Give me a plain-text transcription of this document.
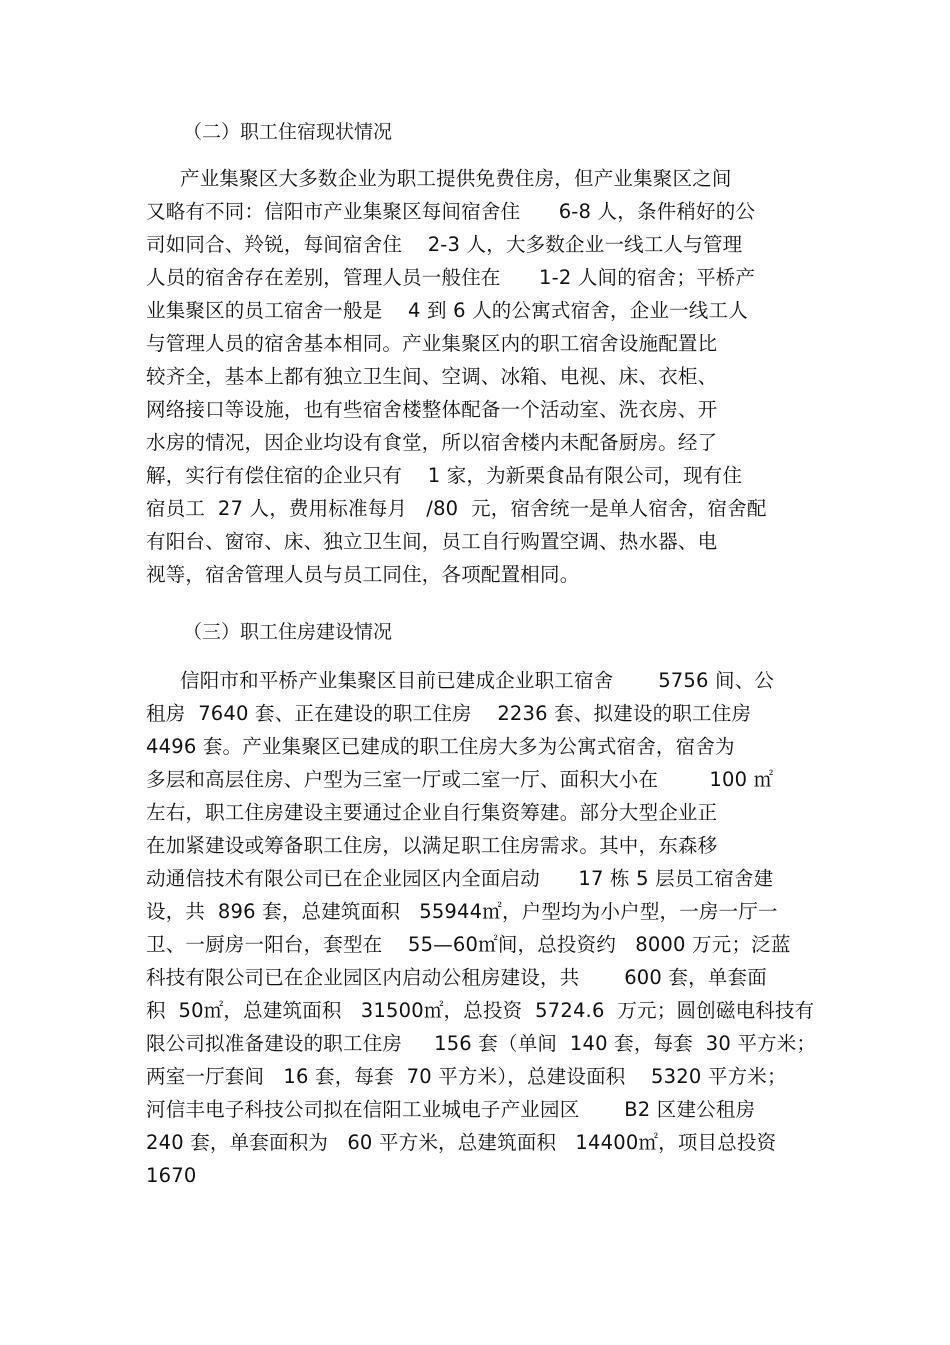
（二）职工住宿现状情况
产业集聚区大多数企业为职工提供免费住房，但产业集聚区之间
又略有不同：信阳市产业集聚区每间宿舍住      6-8 人，条件稍好的公
司如同合、羚锐，每间宿舍住    2-3 人，大多数企业一线工人与管理
人员的宿舍存在差别，管理人员一般住在      1-2 人间的宿舍；平桥产
业集聚区的员工宿舍一般是    4 到 6 人的公寓式宿舍，企业一线工人
与管理人员的宿舍基本相同。产业集聚区内的职工宿舍设施配置比
较齐全，基本上都有独立卫生间、空调、冰箱、电视、床、衣柜、
网络接口等设施，也有些宿舍楼整体配备一个活动室、洗衣房、开
水房的情况，因企业均设有食堂，所以宿舍楼内未配备厨房。经了
解，实行有偿住宿的企业只有    1 家，为新栗食品有限公司，现有住
宿员工  27 人，费用标准每月   /80  元，宿舍统一是单人宿舍，宿舍配
有阳台、窗帘、床、独立卫生间，员工自行购置空调、热水器、电
视等，宿舍管理人员与员工同住，各项配置相同。
（三）职工住房建设情况
信阳市和平桥产业集聚区目前已建成企业职工宿舍       5756 间、公
租房  7640 套、正在建设的职工住房    2236 套、拟建设的职工住房
4496 套。产业集聚区已建成的职工住房大多为公寓式宿舍，宿舍为
多层和高层住房、户型为三室一厅或二室一厅、面积大小在        100 ㎡
左右，职工住房建设主要通过企业自行集资筹建。部分大型企业正
在加紧建设或筹备职工住房，以满足职工住房需求。其中，东森移
动通信技术有限公司已在企业园区内全面启动      17 栋 5 层员工宿舍建
设，共  896 套，总建筑面积   55944㎡，户型均为小户型，一房一厅一
卫、一厨房一阳台，套型在    55—60㎡间，总投资约   8000 万元；泛蓝
科技有限公司已在企业园区内启动公租房建设，共       600 套，单套面
积  50㎡，总建筑面积   31500㎡，总投资  5724.6  万元；圆创磁电科技有
限公司拟准备建设的职工住房     156 套（单间  140 套，每套  30 平方米；
两室一厅套间   16 套，每套  70 平方米），总建设面积    5320 平方米；
河信丰电子科技公司拟在信阳工业城电子产业园区       B2 区建公租房
240 套，单套面积为   60 平方米，总建筑面积   14400㎡，项目总投资
1670
